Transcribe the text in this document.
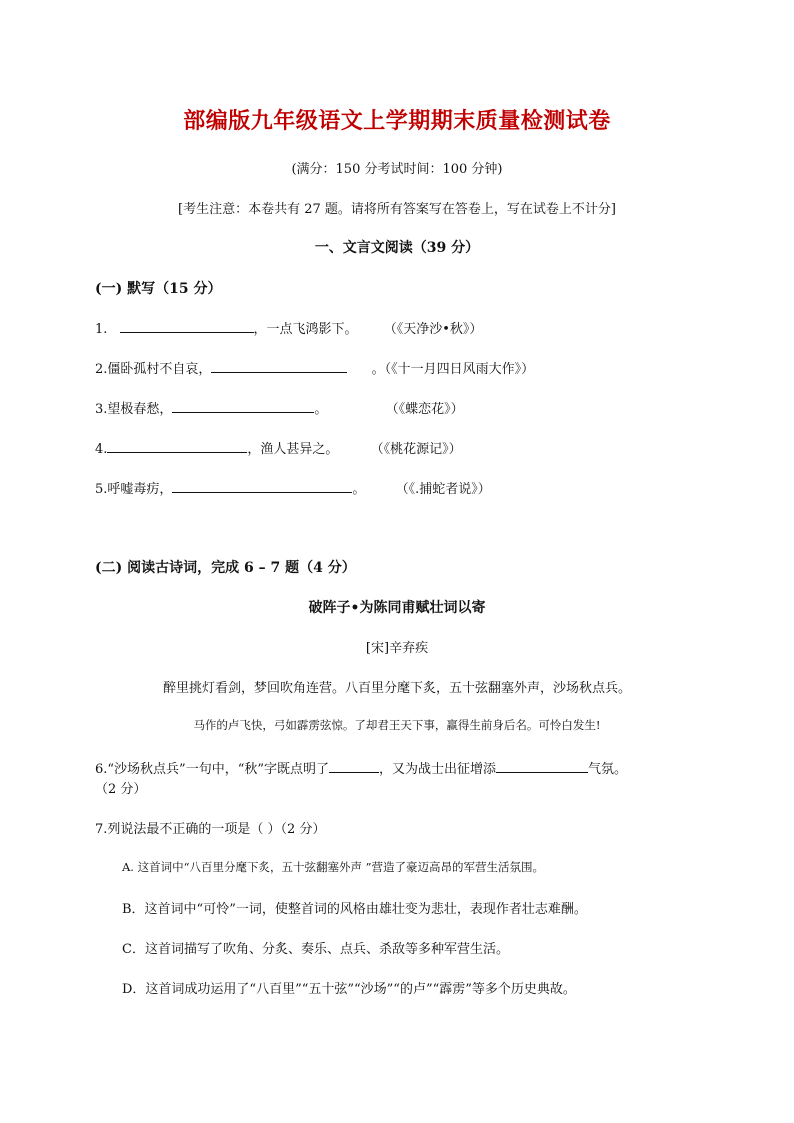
部编版九年级语文上学期期末质量检测试卷
(满分：150 分考试时间：100 分钟)
[考生注意：本卷共有 27 题。请将所有答案写在答卷上，写在试卷上不计分]
一、文言文阅读（39 分）
(一) 默写（15 分）
1.	，一点飞鸿影下。 （《天净沙•秋》）
2.僵卧孤村不自哀，	。（《十一月四日风雨大作》）
3.望极春愁，	。	（《蝶恋花》）
4.	，渔人甚异之。 （《桃花源记》）
5.呼嘘毒疠，	。 （《.捕蛇者说》）
(二) 阅读古诗词，完成 6 – 7 题（4 分）
破阵子•为陈同甫赋壮词以寄
[宋]辛弃疾
醉里挑灯看剑，梦回吹角连营。八百里分麾下炙，五十弦翻塞外声，沙场秋点兵。
马作的卢飞快，弓如霹雳弦惊。了却君王天下事，赢得生前身后名。可怜白发生!
6.“沙场秋点兵”一句中，“秋”字既点明了	，又为战士出征增添	气氛。
（2 分）
7.列说法最不正确的一项是（ ）（2 分）
A. 这首词中“八百里分麾下炙，五十弦翻塞外声 ”营造了豪迈高昂的军营生活氛围。
B．这首词中“可怜”一词，使整首词的风格由雄壮变为悲壮，表现作者壮志难酬。
C．这首词描写了吹角、分炙、奏乐、点兵、杀敌等多种军营生活。
D．这首词成功运用了“八百里”“五十弦”“沙场”“的卢”“霹雳”等多个历史典故。
